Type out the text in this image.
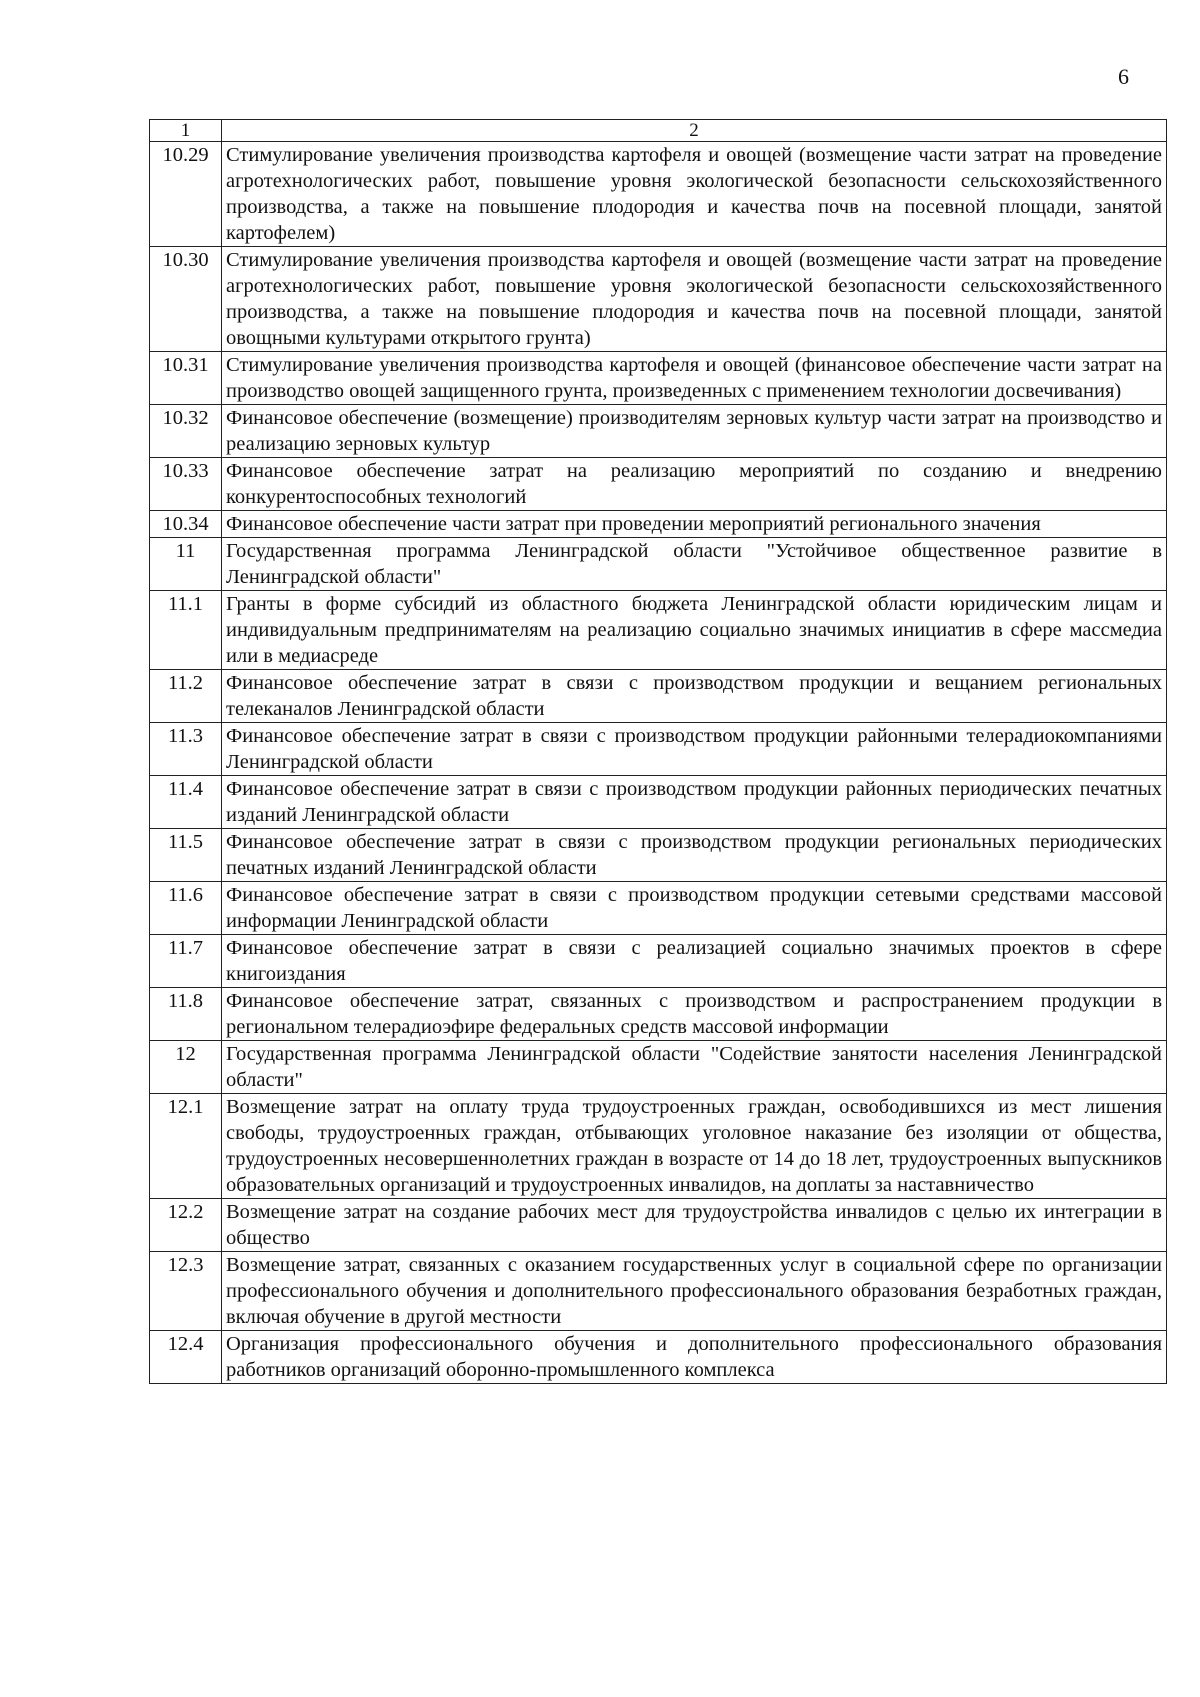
6
1	2
10.29	Стимулирование увеличения производства картофеля и овощей (возмещение части затрат на проведение агротехнологических работ, повышение уровня экологической безопасности сельскохозяйственного производства, а также на повышение плодородия и качества почв на посевной площади, занятой картофелем)
10.30	Стимулирование увеличения производства картофеля и овощей (возмещение части затрат на проведение агротехнологических работ, повышение уровня экологической безопасности сельскохозяйственного производства, а также на повышение плодородия и качества почв на посевной площади, занятой овощными культурами открытого грунта)
10.31	Стимулирование увеличения производства картофеля и овощей (финансовое обеспечение части затрат на производство овощей защищенного грунта, произведенных с применением технологии досвечивания)
10.32	Финансовое обеспечение (возмещение) производителям зерновых культур части затрат на производство и реализацию зерновых культур
10.33	Финансовое обеспечение затрат на реализацию мероприятий по созданию и внедрению конкурентоспособных технологий
10.34	Финансовое обеспечение части затрат при проведении мероприятий регионального значения
11	Государственная программа Ленинградской области "Устойчивое общественное развитие в Ленинградской области"
11.1	Гранты в форме субсидий из областного бюджета Ленинградской области юридическим лицам и индивидуальным предпринимателям на реализацию социально значимых инициатив в сфере массмедиа или в медиасреде
11.2	Финансовое обеспечение затрат в связи с производством продукции и вещанием региональных телеканалов Ленинградской области
11.3	Финансовое обеспечение затрат в связи с производством продукции районными телерадиокомпаниями Ленинградской области
11.4	Финансовое обеспечение затрат в связи с производством продукции районных периодических печатных изданий Ленинградской области
11.5	Финансовое обеспечение затрат в связи с производством продукции региональных периодических печатных изданий Ленинградской области
11.6	Финансовое обеспечение затрат в связи с производством продукции сетевыми средствами массовой информации Ленинградской области
11.7	Финансовое обеспечение затрат в связи с реализацией социально значимых проектов в сфере книгоиздания
11.8	Финансовое обеспечение затрат, связанных с производством и распространением продукции в региональном телерадиоэфире федеральных средств массовой информации
12	Государственная программа Ленинградской области "Содействие занятости населения Ленинградской области"
12.1	Возмещение затрат на оплату труда трудоустроенных граждан, освободившихся из мест лишения свободы, трудоустроенных граждан, отбывающих уголовное наказание без изоляции от общества, трудоустроенных несовершеннолетних граждан в возрасте от 14 до 18 лет, трудоустроенных выпускников образовательных организаций и трудоустроенных инвалидов, на доплаты за наставничество
12.2	Возмещение затрат на создание рабочих мест для трудоустройства инвалидов с целью их интеграции в общество
12.3	Возмещение затрат, связанных с оказанием государственных услуг в социальной сфере по организации профессионального обучения и дополнительного профессионального образования безработных граждан, включая обучение в другой местности
12.4	Организация профессионального обучения и дополнительного профессионального образования работников организаций оборонно-промышленного комплекса
